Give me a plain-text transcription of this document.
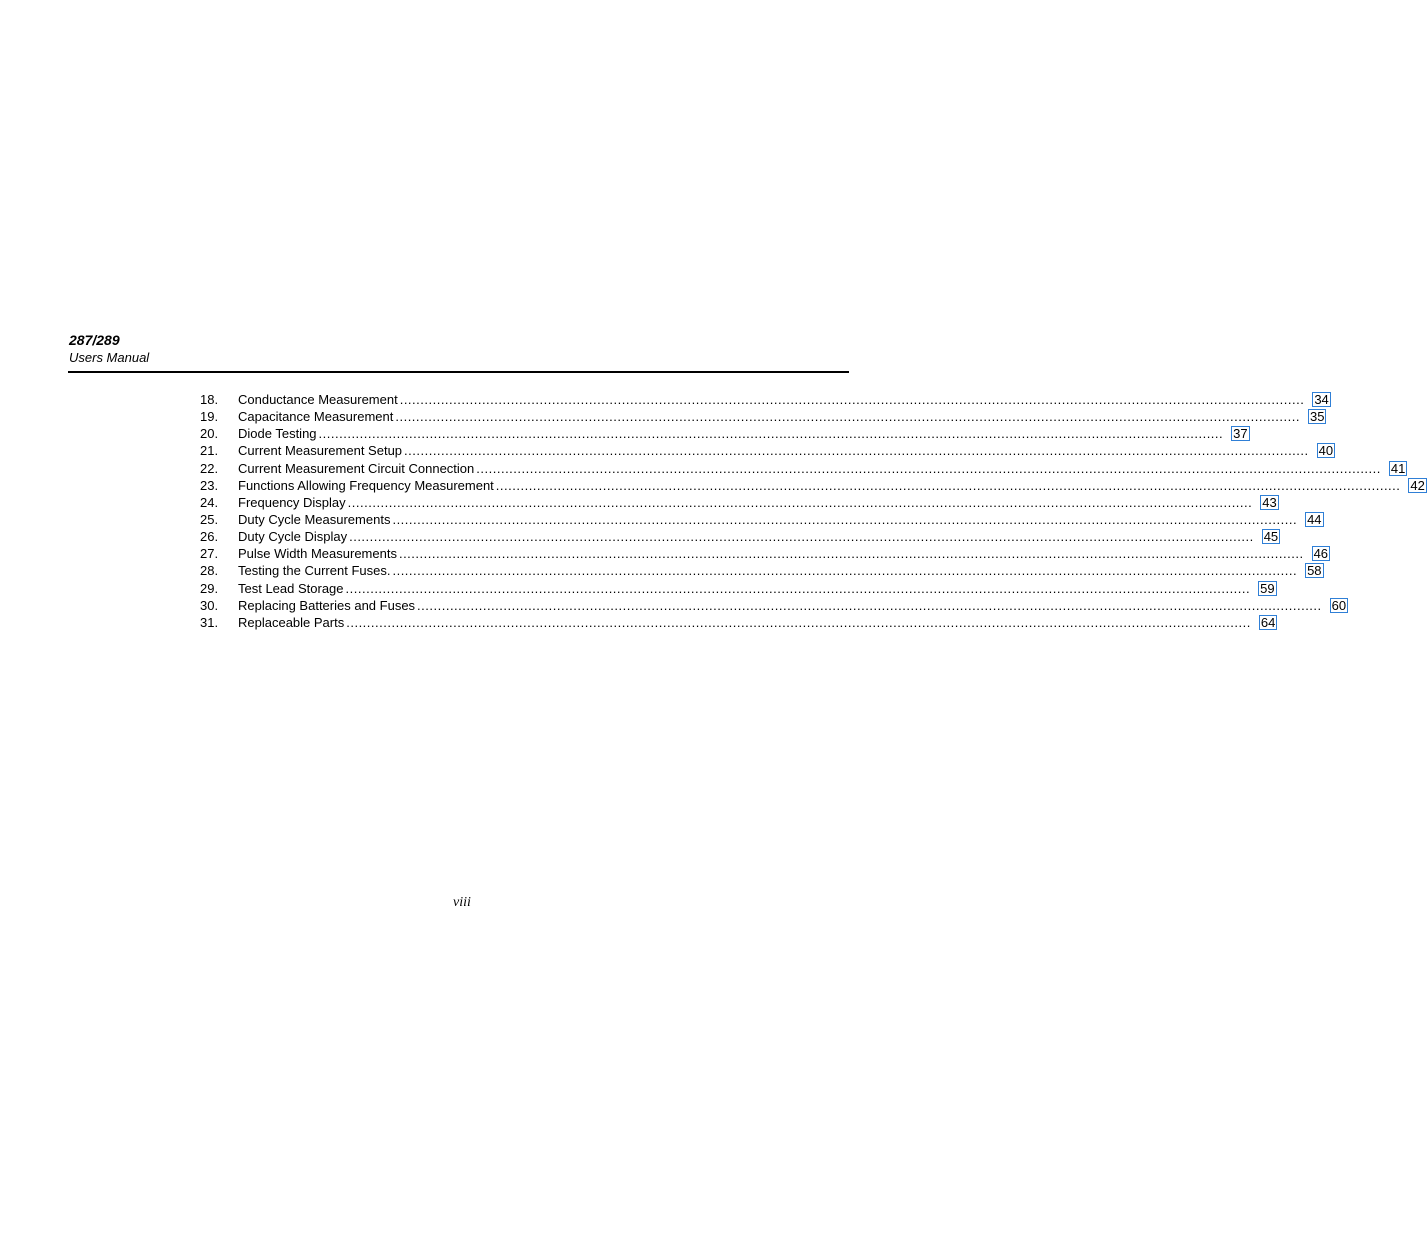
287/289
Users Manual
18.	Conductance Measurement ............................................................................................................................................................................................................................ 34
19.	Capacitance Measurement ............................................................................................................................................................................................................................ 35
20.	Diode Testing ............................................................................................................................................................................................................................ 37
21.	Current Measurement Setup ............................................................................................................................................................................................................................ 40
22.	Current Measurement Circuit Connection ............................................................................................................................................................................................................................ 41
23.	Functions Allowing Frequency Measurement ............................................................................................................................................................................................................................ 42
24.	Frequency Display ............................................................................................................................................................................................................................ 43
25.	Duty Cycle Measurements ............................................................................................................................................................................................................................ 44
26.	Duty Cycle Display ............................................................................................................................................................................................................................ 45
27.	Pulse Width Measurements ............................................................................................................................................................................................................................ 46
28.	Testing the Current Fuses. ............................................................................................................................................................................................................................ 58
29.	Test Lead Storage ............................................................................................................................................................................................................................ 59
30.	Replacing Batteries and Fuses ............................................................................................................................................................................................................................ 60
31.	Replaceable Parts ............................................................................................................................................................................................................................ 64
viii
